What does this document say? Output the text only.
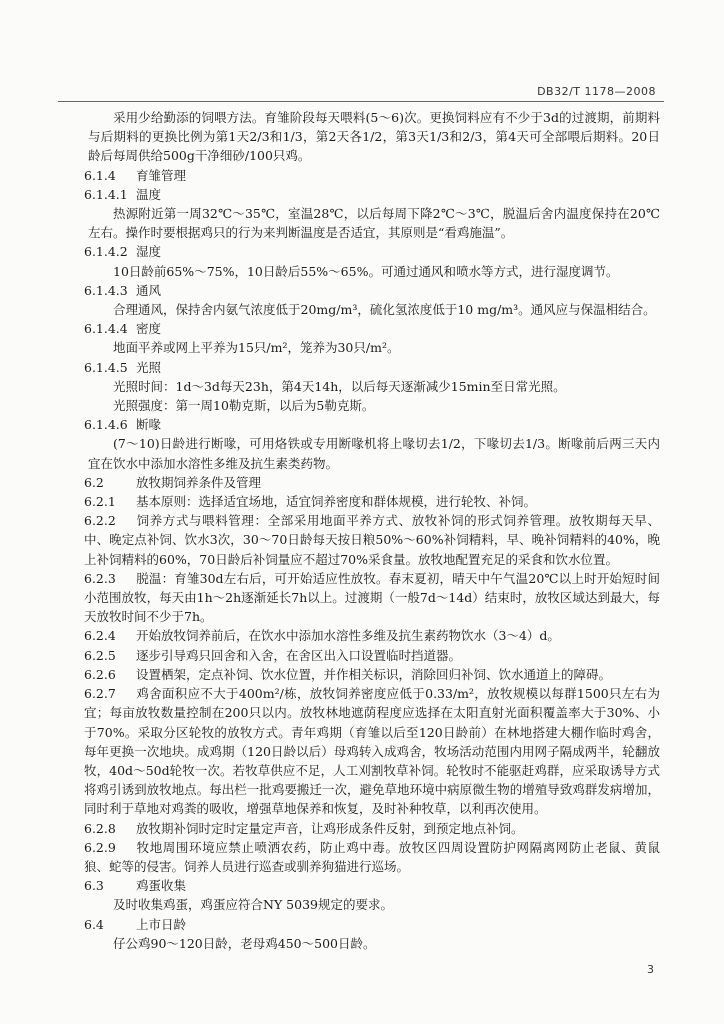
DB32/T 1178—2008

采用少给勤添的饲喂方法。育雏阶段每天喂料(5～6)次。更换饲料应有不少于3d的过渡期，前期料与后期料的更换比例为第1天2/3和1/3，第2天各1/2，第3天1/3和2/3，第4天可全部喂后期料。20日龄后每周供给500g干净细砂/100只鸡。

6.1.4 育雏管理

6.1.4.1 温度

热源附近第一周32℃～35℃，室温28℃，以后每周下降2℃～3℃，脱温后舍内温度保持在20℃左右。操作时要根据鸡只的行为来判断温度是否适宜，其原则是“看鸡施温”。

6.1.4.2 湿度

10日龄前65%～75%，10日龄后55%～65%。可通过通风和喷水等方式，进行湿度调节。

6.1.4.3 通风

合理通风，保持舍内氨气浓度低于20mg/m³，硫化氢浓度低于10 mg/m³。通风应与保温相结合。

6.1.4.4 密度

地面平养或网上平养为15只/m²，笼养为30只/m²。

6.1.4.5 光照

光照时间：1d～3d每天23h，第4天14h，以后每天逐渐减少15min至日常光照。

光照强度：第一周10勒克斯，以后为5勒克斯。

6.1.4.6 断喙

(7～10)日龄进行断喙，可用烙铁或专用断喙机将上喙切去1/2，下喙切去1/3。断喙前后两三天内宜在饮水中添加水溶性多维及抗生素类药物。

6.2	放牧期饲养条件及管理

6.2.1 基本原则：选择适宜场地，适宜饲养密度和群体规模，进行轮牧、补饲。

6.2.2 饲养方式与喂料管理：全部采用地面平养方式、放牧补饲的形式饲养管理。放牧期每天早、中、晚定点补饲、饮水3次，30～70日龄每天按日粮50%～60%补饲精料，早、晚补饲精料的40%，晚上补饲精料的60%，70日龄后补饲量应不超过70%采食量。放牧地配置充足的采食和饮水位置。

6.2.3 脱温：育雏30d左右后，可开始适应性放牧。春末夏初，晴天中午气温20℃以上时开始短时间小范围放牧，每天由1h～2h逐渐延长7h以上。过渡期（一般7d～14d）结束时，放牧区域达到最大，每天放牧时间不少于7h。

6.2.4 开始放牧饲养前后，在饮水中添加水溶性多维及抗生素药物饮水（3～4）d。

6.2.5 逐步引导鸡只回舍和入舍，在舍区出入口设置临时挡道器。

6.2.6 设置栖架，定点补饲、饮水位置，并作相关标识，消除回归补饲、饮水通道上的障碍。

6.2.7 鸡舍面积应不大于400m²/栋，放牧饲养密度应低于0.33/m²，放牧规模以每群1500只左右为宜；每亩放牧数量控制在200只以内。放牧林地遮荫程度应选择在太阳直射光面积覆盖率大于30%、小于70%。采取分区轮牧的放牧方式。青年鸡期（育雏以后至120日龄前）在林地搭建大棚作临时鸡舍，每年更换一次地块。成鸡期（120日龄以后）母鸡转入成鸡舍，牧场活动范围内用网子隔成两半，轮翻放牧，40d～50d轮牧一次。若牧草供应不足，人工刈割牧草补饲。轮牧时不能驱赶鸡群，应采取诱导方式将鸡引诱到放牧地点。每出栏一批鸡要搬迁一次，避免草地环境中病原微生物的增殖导致鸡群发病增加，同时利于草地对鸡粪的吸收，增强草地保养和恢复，及时补种牧草，以利再次使用。

6.2.8 放牧期补饲时定时定量定声音，让鸡形成条件反射，到预定地点补饲。

6.2.9 牧地周围环境应禁止喷洒农药，防止鸡中毒。放牧区四周设置防护网隔离网防止老鼠、黄鼠狼、蛇等的侵害。饲养人员进行巡查或驯养狗猫进行巡场。

6.3	鸡蛋收集

及时收集鸡蛋，鸡蛋应符合NY 5039规定的要求。

6.4	上市日龄

仔公鸡90～120日龄，老母鸡450～500日龄。

3
